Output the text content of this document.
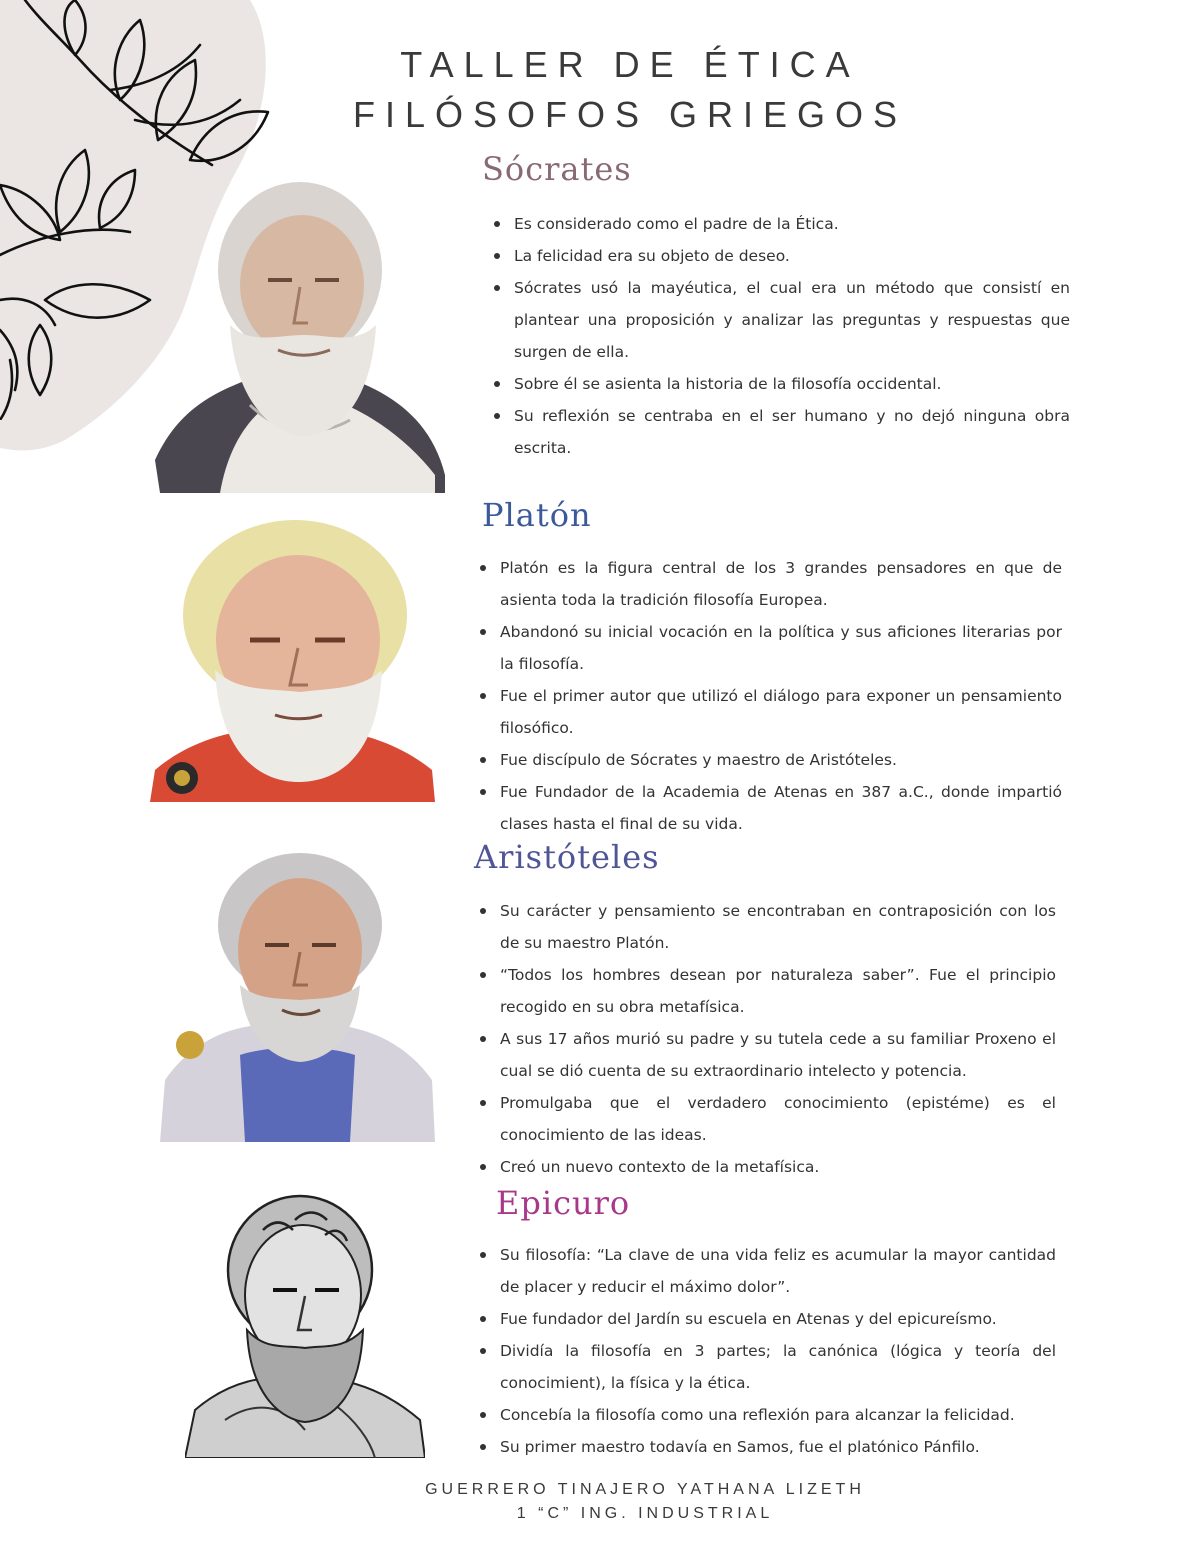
TALLER DE ÉTICA
FILÓSOFOS GRIEGOS
Sócrates
Es considerado como el padre de la Ética.
La felicidad era su objeto de deseo.
Sócrates usó la mayéutica, el cual era un método que consistí en plantear una proposición y analizar las preguntas y respuestas que surgen de ella.
Sobre él se asienta la historia de la filosofía occidental.
Su reflexión se centraba en el ser humano y no dejó ninguna obra escrita.
Platón
Platón es la figura central de los 3 grandes pensadores en que de asienta toda la tradición filosofía Europea.
Abandonó su inicial vocación en la política y sus aficiones literarias por la filosofía.
Fue el primer autor que utilizó el diálogo para exponer un pensamiento filosófico.
Fue discípulo de Sócrates y maestro de Aristóteles.
Fue Fundador de la Academia de Atenas en 387 a.C., donde impartió clases hasta el final de su vida.
Aristóteles
Su carácter y pensamiento se encontraban en contraposición con los de su maestro Platón.
“Todos los hombres desean por naturaleza saber”. Fue el principio recogido en su obra metafísica.
A sus 17 años murió su padre y su tutela cede a su familiar Proxeno el cual se dió cuenta de su extraordinario intelecto y potencia.
Promulgaba que el verdadero conocimiento (epistéme) es el conocimiento de las ideas.
Creó un nuevo contexto de la metafísica.
Epicuro
Su filosofía: “La clave de una vida feliz es acumular la mayor cantidad de placer y reducir el máximo dolor”.
Fue fundador del Jardín su escuela en Atenas y del epicureísmo.
Dividía la filosofía en 3 partes; la canónica (lógica y teoría del conocimient), la física y la ética.
Concebía la filosofía como una reflexión para alcanzar la felicidad.
Su primer maestro todavía en Samos, fue el platónico Pánfilo.
GUERRERO TINAJERO YATHANA LIZETH
1 “C” ING. INDUSTRIAL
